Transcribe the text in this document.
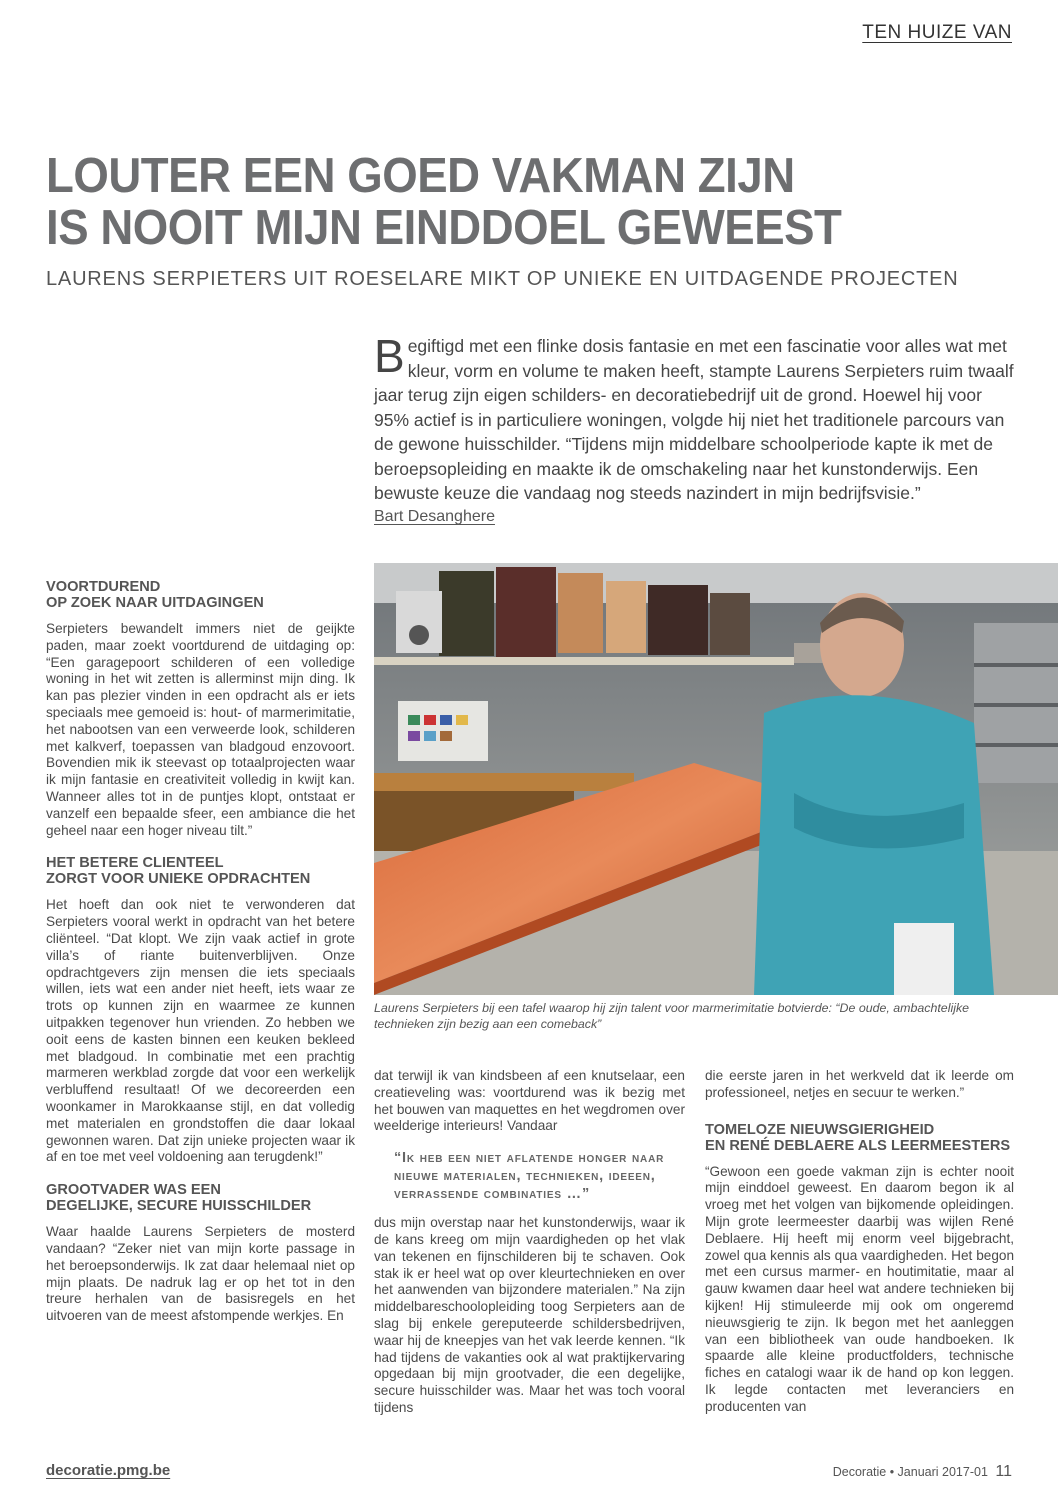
TEN HUIZE VAN
LOUTER EEN GOED VAKMAN ZIJN
IS NOOIT MIJN EINDDOEL GEWEEST
LAURENS SERPIETERS UIT ROESELARE MIKT OP UNIEKE EN UITDAGENDE PROJECTEN
B egiftigd met een flinke dosis fantasie en met een fascinatie voor alles wat met kleur, vorm en volume te maken heeft, stampte Laurens Serpieters ruim twaalf jaar terug zijn eigen schilders- en decoratiebedrijf uit de grond. Hoewel hij voor 95% actief is in particuliere woningen, volgde hij niet het traditionele parcours van de gewone huisschilder. “Tijdens mijn middelbare schoolperiode kapte ik met de beroepsopleiding en maakte ik de omschakeling naar het kunstonderwijs. Een bewuste keuze die vandaag nog steeds nazindert in mijn bedrijfsvisie.”
Bart Desanghere
VOORTDUREND
OP ZOEK NAAR UITDAGINGEN

Serpieters bewandelt immers niet de geijkte paden, maar zoekt voortdurend de uitdaging op: “Een garagepoort schilderen of een volledige woning in het wit zetten is allerminst mijn ding. Ik kan pas plezier vinden in een opdracht als er iets speciaals mee gemoeid is: hout- of marmerimitatie, het nabootsen van een verweerde look, schilderen met kalkverf, toepassen van bladgoud enzovoort. Bovendien mik ik steevast op totaalprojecten waar ik mijn fantasie en creativiteit volledig in kwijt kan. Wanneer alles tot in de puntjes klopt, ontstaat er vanzelf een bepaalde sfeer, een ambiance die het geheel naar een hoger niveau tilt.”

HET BETERE CLIENTEEL
ZORGT VOOR UNIEKE OPDRACHTEN

Het hoeft dan ook niet te verwonderen dat Serpieters vooral werkt in opdracht van het betere cliënteel. “Dat klopt. We zijn vaak actief in grote villa’s of riante buitenverblijven. Onze opdrachtgevers zijn mensen die iets speciaals willen, iets wat een ander niet heeft, iets waar ze trots op kunnen zijn en waarmee ze kunnen uitpakken tegenover hun vrienden. Zo hebben we ooit eens de kasten binnen een keuken bekleed met bladgoud. In combinatie met een prachtig marmeren werkblad zorgde dat voor een werkelijk verbluffend resultaat! Of we decoreerden een woonkamer in Marokkaanse stijl, en dat volledig met materialen en grondstoffen die daar lokaal gewonnen waren. Dat zijn unieke projecten waar ik af en toe met veel voldoening aan terugdenk!”

GROOTVADER WAS EEN
DEGELIJKE, SECURE HUISSCHILDER

Waar haalde Laurens Serpieters de mosterd vandaan? “Zeker niet van mijn korte passage in het beroepsonderwijs. Ik zat daar helemaal niet op mijn plaats. De nadruk lag er op het tot in den treure herhalen van de basisregels en het uitvoeren van de meest afstompende werkjes. En

Laurens Serpieters bij een tafel waarop hij zijn talent voor marmerimitatie botvierde: “De oude, ambachtelijke technieken zijn bezig aan een comeback”

dat terwijl ik van kindsbeen af een knutselaar, een creatieveling was: voortdurend was ik bezig met het bouwen van maquettes en het wegdromen over weelderige interieurs! Vandaar

“Ik heb een niet aflatende honger naar nieuwe materialen, technieken, ideeen, verrassende combinaties …”

dus mijn overstap naar het kunstonderwijs, waar ik de kans kreeg om mijn vaardigheden op het vlak van tekenen en fijnschilderen bij te schaven. Ook stak ik er heel wat op over kleurtechnieken en over het aanwenden van bijzondere materialen.” Na zijn middelbareschoolopleiding toog Serpieters aan de slag bij enkele gereputeerde schildersbedrijven, waar hij de kneepjes van het vak leerde kennen. “Ik had tijdens de vakanties ook al wat praktijkervaring opgedaan bij mijn grootvader, die een degelijke, secure huisschilder was. Maar het was toch vooral tijdens

die eerste jaren in het werkveld dat ik leerde om professioneel, netjes en secuur te werken.”

TOMELOZE NIEUWSGIERIGHEID
EN RENÉ DEBLAERE ALS LEERMEESTERS

“Gewoon een goede vakman zijn is echter nooit mijn einddoel geweest. En daarom begon ik al vroeg met het volgen van bijkomende opleidingen. Mijn grote leermeester daarbij was wijlen René Deblaere. Hij heeft mij enorm veel bijgebracht, zowel qua kennis als qua vaardigheden. Het begon met een cursus marmer- en houtimitatie, maar al gauw kwamen daar heel wat andere technieken bij kijken! Hij stimuleerde mij ook om ongeremd nieuwsgierig te zijn. Ik begon met het aanleggen van een bibliotheek van oude handboeken. Ik spaarde alle kleine productfolders, technische fiches en catalogi waar ik de hand op kon leggen. Ik legde contacten met leveranciers en producenten van

decoratie.pmg.be	Decoratie • Januari 2017-01 11
